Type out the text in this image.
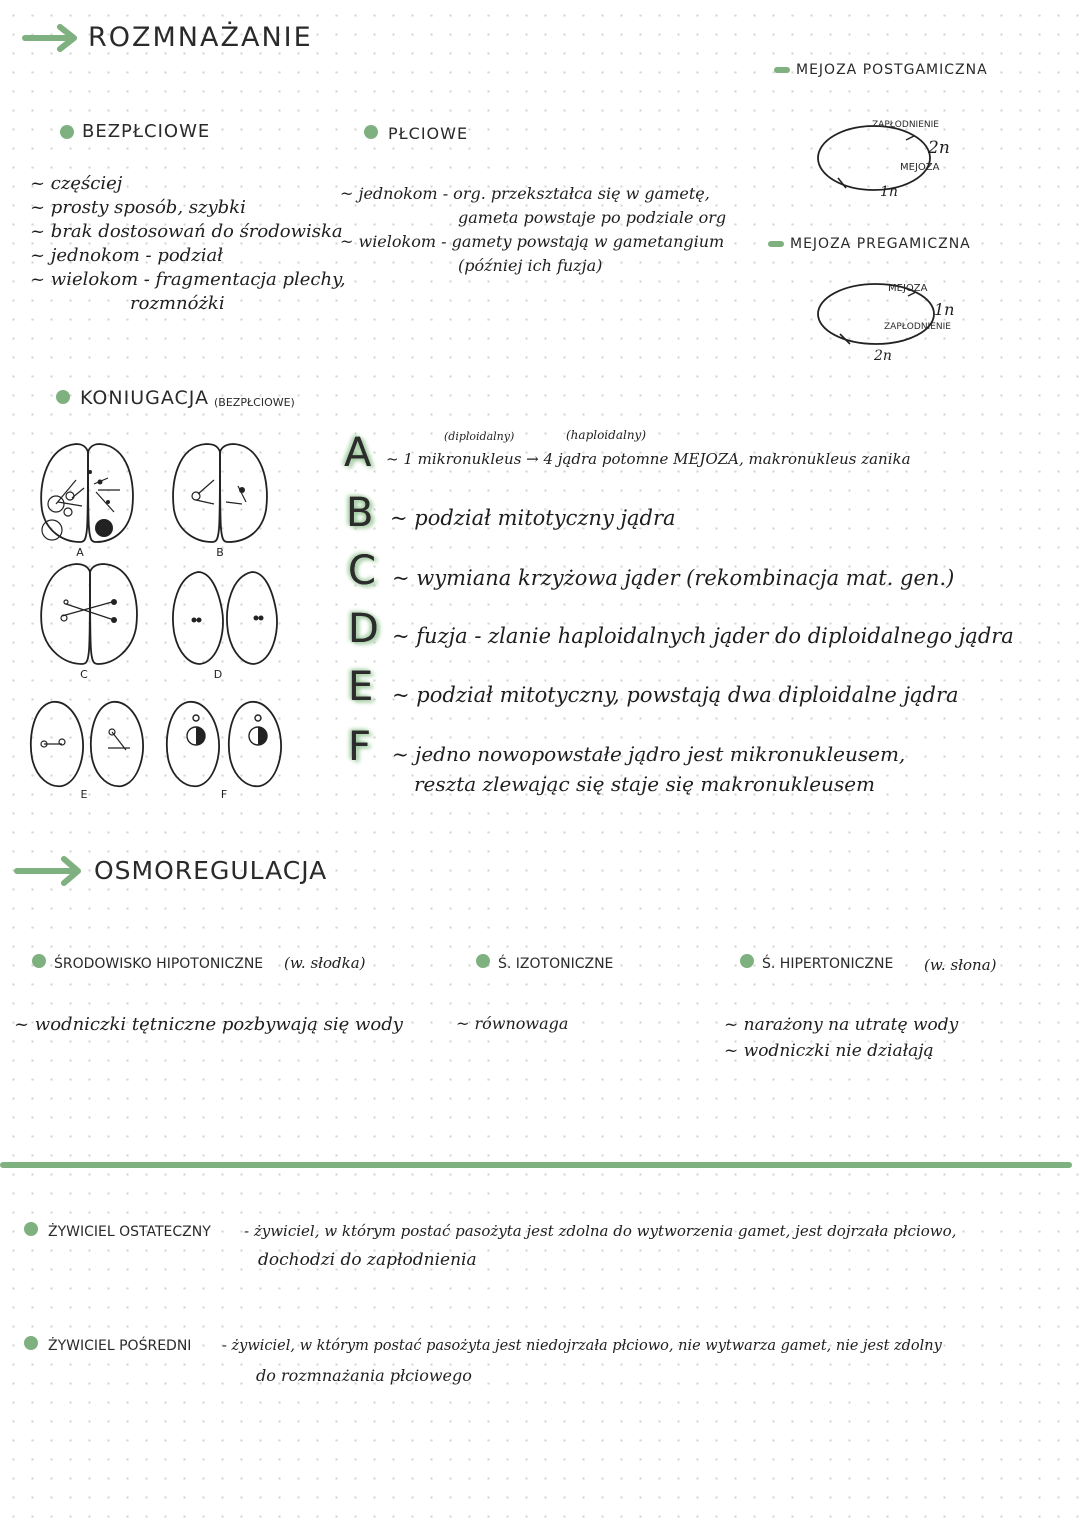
ROZMNAŻANIE
BEZPŁCIOWE
~ częściej
~ prosty sposób, szybki
~ brak dostosowań do środowiska
~ jednokom - podział
~ wielokom - fragmentacja plechy,
rozmnóżki
PŁCIOWE
~ jednokom - org. przekształca się w gametę,
gameta powstaje po podziale org
~ wielokom - gamety powstają w gametangium
(później ich fuzja)
MEJOZA POSTGAMICZNA
ZAPŁODNIENIE
2n
MEJOZA
1n
MEJOZA PREGAMICZNA
MEJOZA
1n
ZAPŁODNIENIE
2n
KONIUGACJA (BEZPŁCIOWE)
A	B
C	D
E	F
(diploidalny)	(haploidalny)
A ~ 1 mikronukleus → 4 jądra potomne MEJOZA, makronukleus zanika
B ~ podział mitotyczny jądra
C ~ wymiana krzyżowa jąder (rekombinacja mat. gen.)
D ~ fuzja - zlanie haploidalnych jąder do diploidalnego jądra
E ~ podział mitotyczny, powstają dwa diploidalne jądra
F ~ jedno nowopowstałe jądro jest mikronukleusem,
reszta zlewając się staje się makronukleusem
OSMOREGULACJA
ŚRODOWISKO HIPOTONICZNE (w. słodka)
~ wodniczki tętniczne pozbywają się wody
Ś. IZOTONICZNE
~ równowaga
Ś. HIPERTONICZNE (w. słona)
~ narażony na utratę wody
~ wodniczki nie działają
ŻYWICIEL OSTATECZNY - żywiciel, w którym postać pasożyta jest zdolna do wytworzenia gamet, jest dojrzała płciowo,
dochodzi do zapłodnienia
ŻYWICIEL POŚREDNI - żywiciel, w którym postać pasożyta jest niedojrzała płciowo, nie wytwarza gamet, nie jest zdolny
do rozmnażania płciowego
